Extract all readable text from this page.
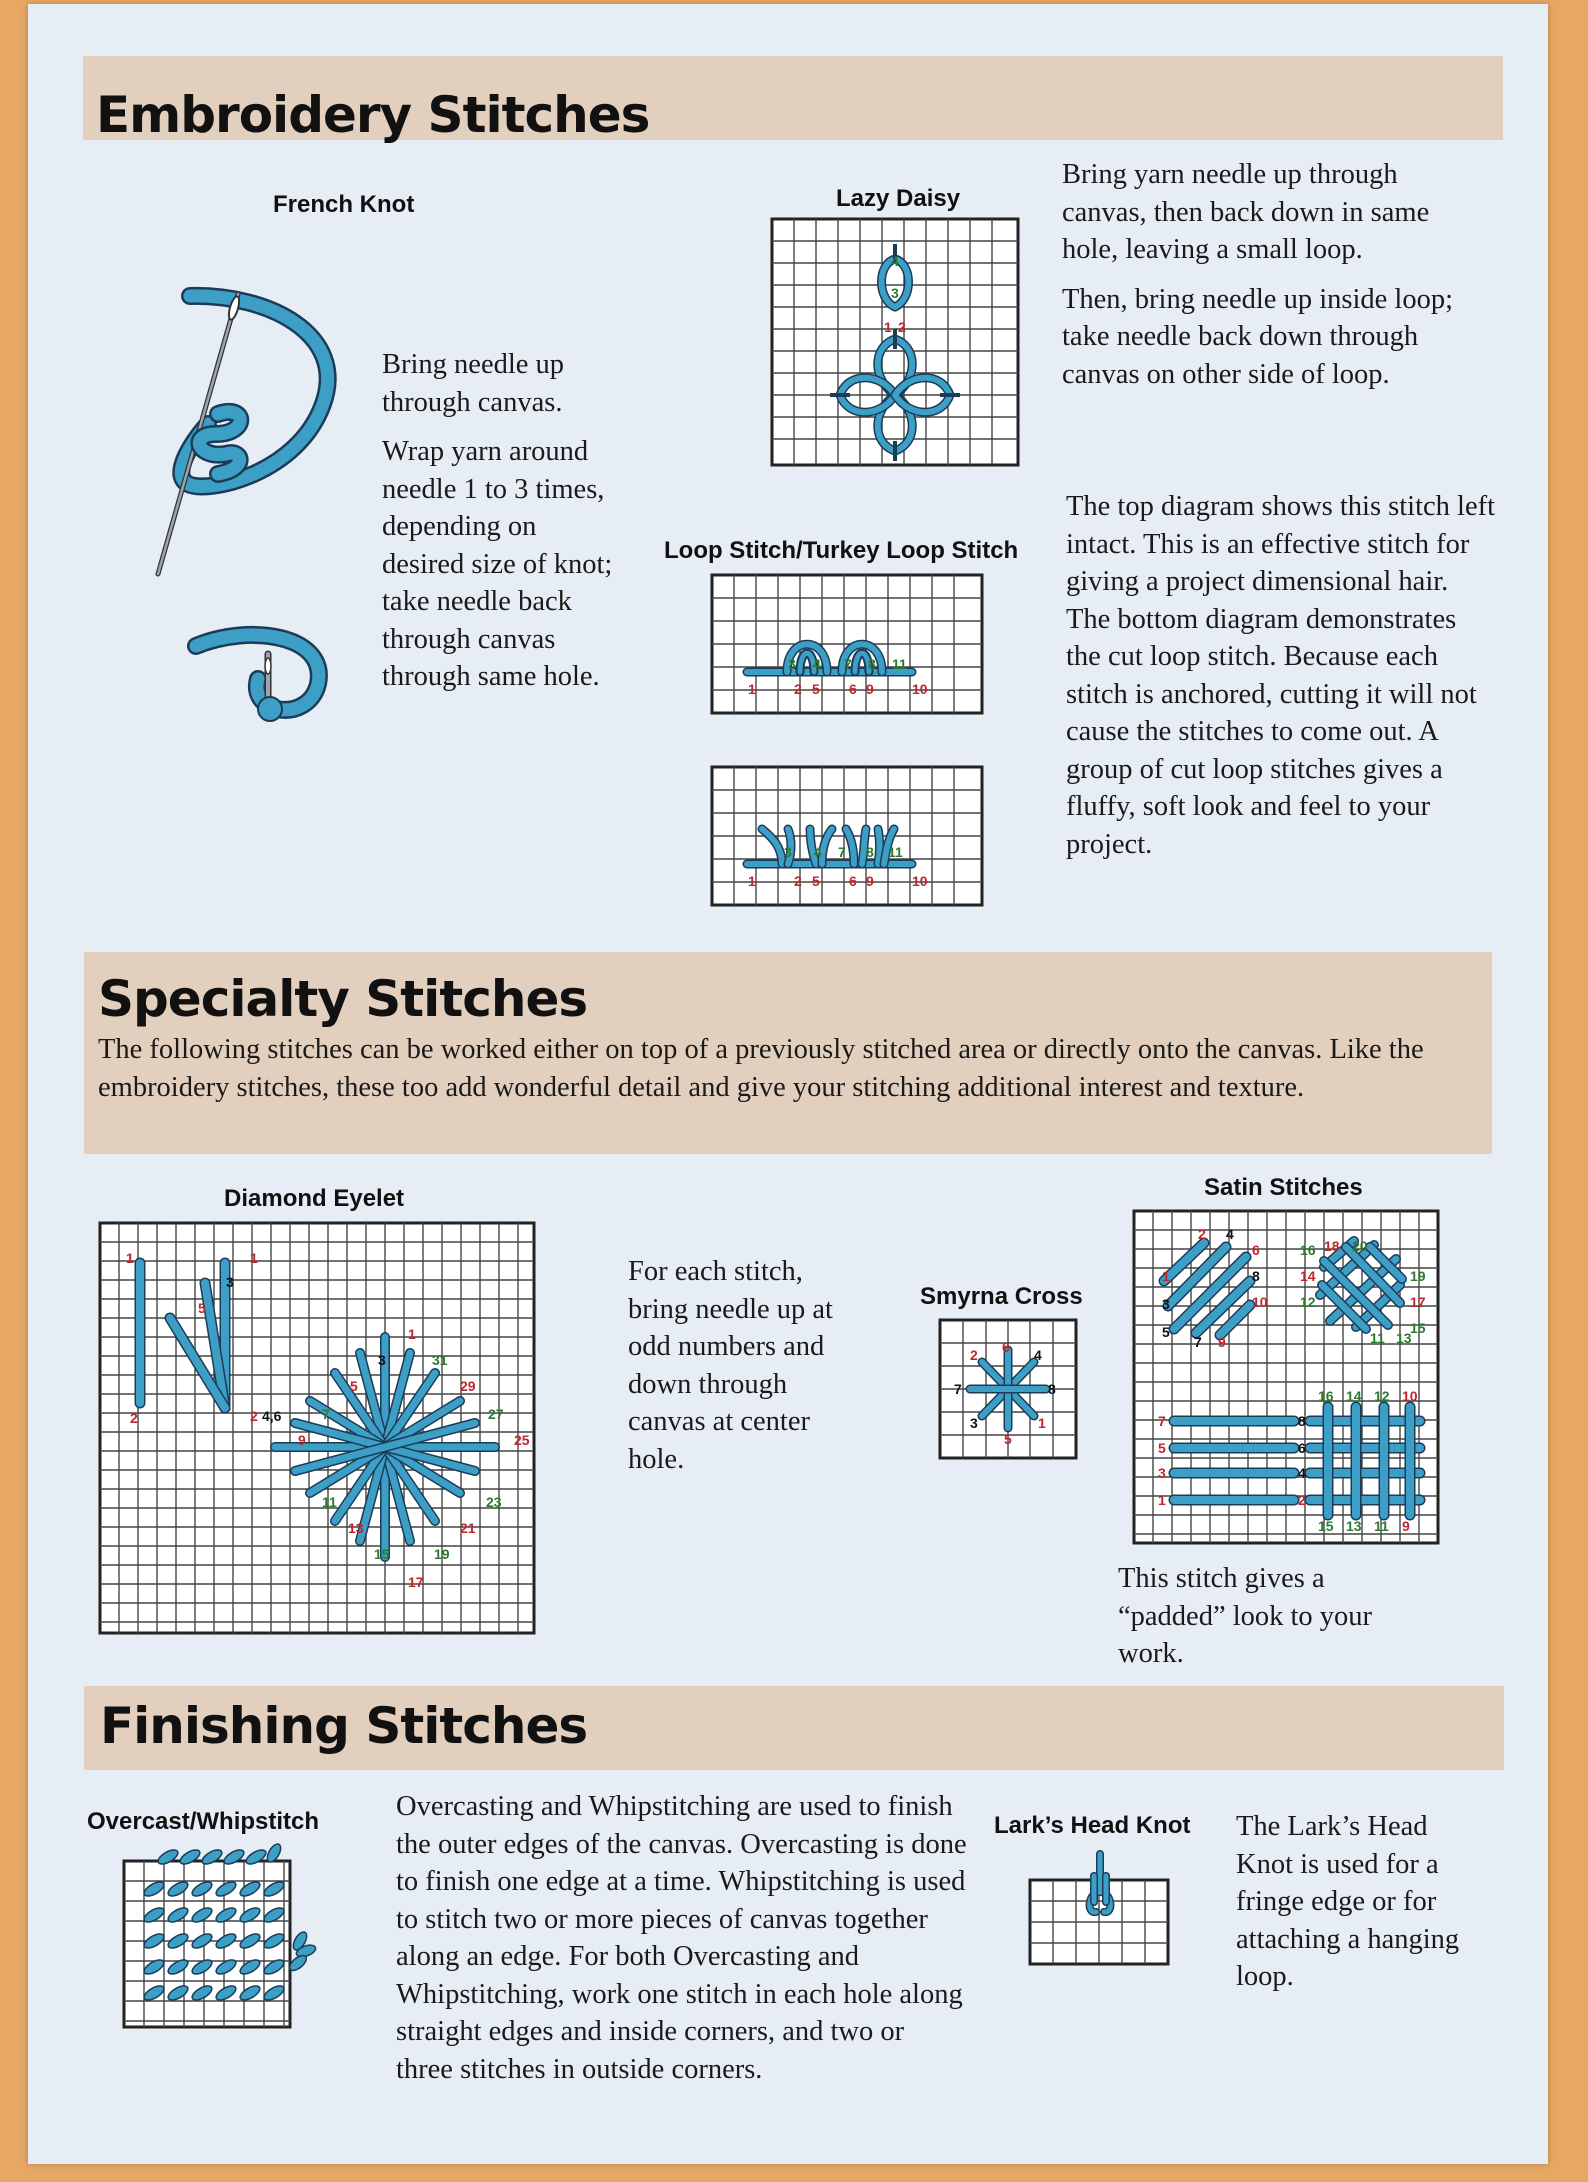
Embroidery Stitches
French Knot

Bring needle up through canvas.

Wrap yarn around needle 1 to 3 times, depending on desired size of knot; take needle back through canvas through same hole.

Lazy Daisy
4
3
1 2

Bring yarn needle up through canvas, then back down in same hole, leaving a small loop.

Then, bring needle up inside loop; take needle back down through canvas on other side of loop.

Loop Stitch/Turkey Loop Stitch
3 4 7 8 11
1	2 5 6 9	10
3 4 7 8 11
1	2 5 6 9	10
The top diagram shows this stitch left intact. This is an effective stitch for giving a project dimensional hair. The bottom diagram demonstrates the cut loop stitch. Because each stitch is anchored, cutting it will not cause the stitches to come out. A group of cut loop stitches gives a fluffy, soft look and feel to your project.
Specialty Stitches
The following stitches can be worked either on top of a previously stitched area or directly onto the canvas. Like the embroidery stitches, these too add wonderful detail and give your stitching additional interest and texture.
Diamond Eyelet
1
2
3
1
5
2 4,6
1
3	31
5	29
7	27
9	25
11	23
13	21
15	19
17
For each stitch, bring needle up at odd numbers and down through canvas at center hole.
Smyrna Cross
2 6 4
7	8
3
5
1
Satin Stitches
2 4
6
8
10
1
3
5
7 9
16 18 20
14
12
19
17
15
11 13
7	8
5	6
3	4
1	2
16 14 12 10
15 13 11 9
This stitch gives a “padded” look to your work.
Finishing Stitches
Overcast/Whipstitch	Overcasting and Whipstitching are used to finish the outer edges of the canvas. Overcasting is done to finish one edge at a time. Whipstitching is used to stitch two or more pieces of canvas together along an edge. For both Overcasting and Whipstitching, work one stitch in each hole along straight edges and inside corners, and two or three stitches in outside corners.
Lark’s Head Knot The Lark’s Head Knot is used for a fringe edge or for attaching a hanging loop.
